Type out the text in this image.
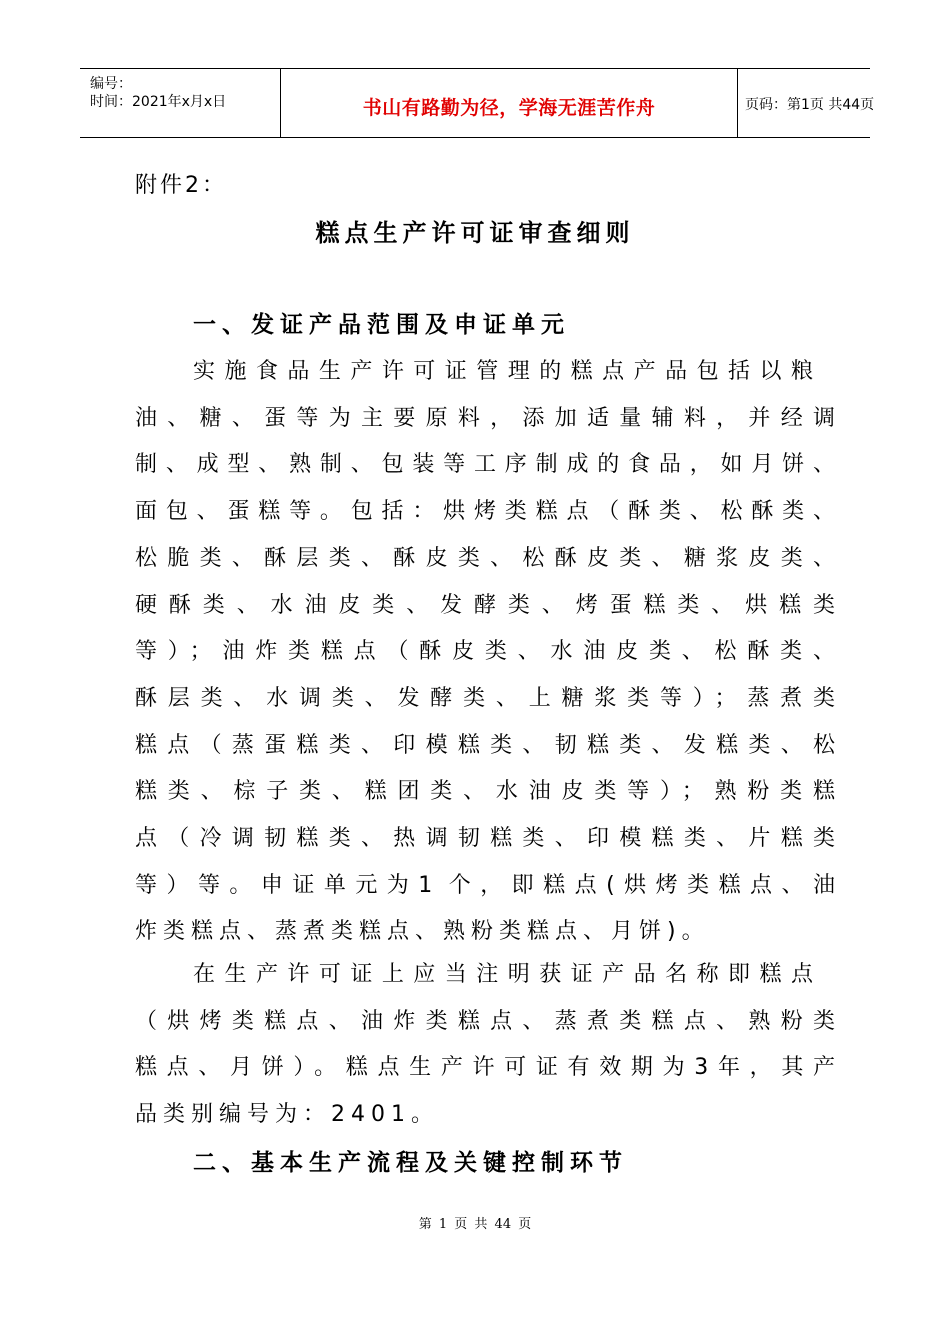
编号：
时间：2021年x月x日	书山有路勤为径，学海无涯苦作舟	页码：第1页 共44页
附件2：
糕点生产许可证审查细则
一、发证产品范围及申证单元
实施食品生产许可证管理的糕点产品包括以粮
油、糖、蛋等为主要原料，添加适量辅料，并经调
制、成型、熟制、包装等工序制成的食品，如月饼、
面包、蛋糕等。包括：烘烤类糕点（酥类、松酥类、
松脆类、酥层类、酥皮类、松酥皮类、糖浆皮类、
硬酥类、水油皮类、发酵类、烤蛋糕类、烘糕类
等）；油炸类糕点（酥皮类、水油皮类、松酥类、
酥层类、水调类、发酵类、上糖浆类等）；蒸煮类
糕点（蒸蛋糕类、印模糕类、韧糕类、发糕类、松
糕类、棕子类、糕团类、水油皮类等）；熟粉类糕
点（冷调韧糕类、热调韧糕类、印模糕类、片糕类
等）等。申证单元为1 个，即糕点(烘烤类糕点、油
炸类糕点、蒸煮类糕点、熟粉类糕点、月饼)。
在生产许可证上应当注明获证产品名称即糕点
（烘烤类糕点、油炸类糕点、蒸煮类糕点、熟粉类
糕点、月饼）。糕点生产许可证有效期为3年，其产
品类别编号为：2401。
二、基本生产流程及关键控制环节
第 1 页 共 44 页
